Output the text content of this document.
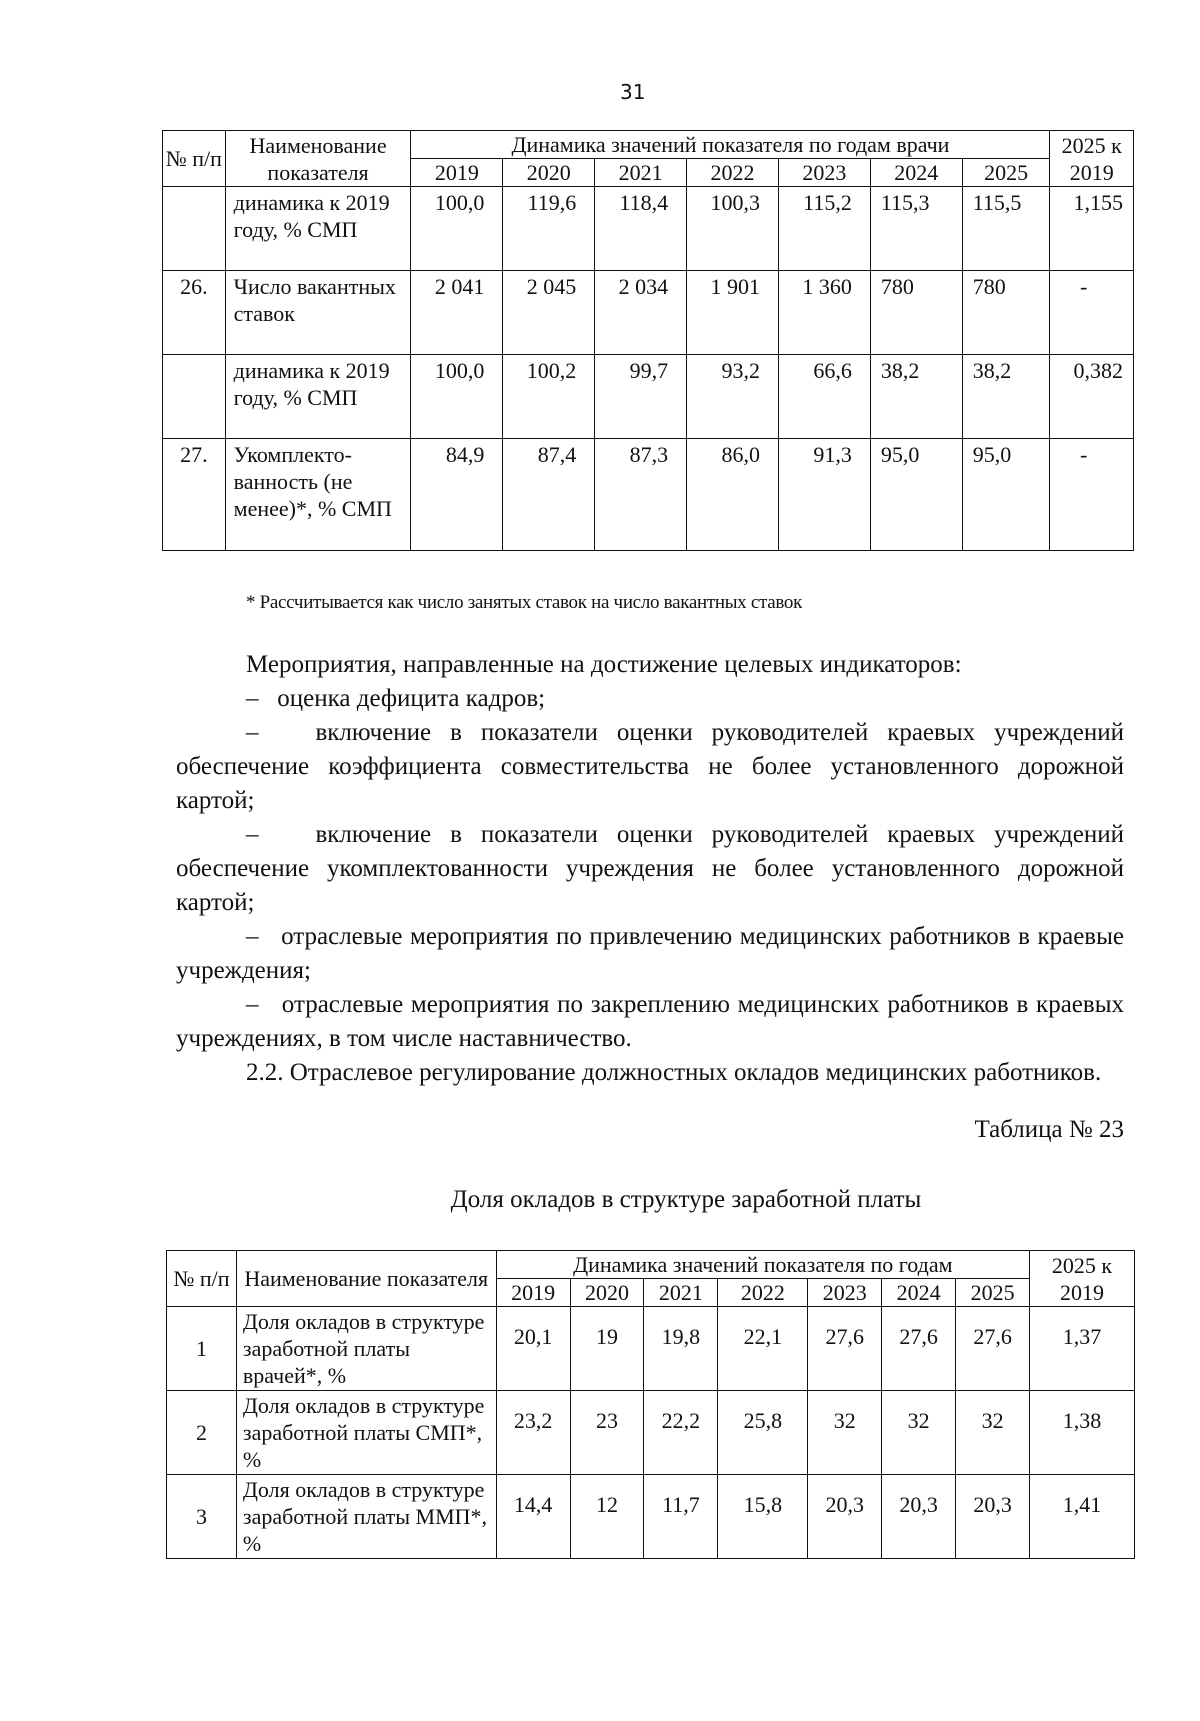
31
№ п/п	Наименование показателя	Динамика значений показателя по годам врачи							2025 к 2019
		2019	2020	2021	2022	2023	2024	2025	
	динамика к 2019 году, % СМП	100,0	119,6	118,4	100,3	115,2	115,3	115,5	1,155
26.	Число вакантных ставок	2 041	2 045	2 034	1 901	1 360	780	780	-
	динамика к 2019 году, % СМП	100,0	100,2	99,7	93,2	66,6	38,2	38,2	0,382
27.	Укомплекто-ванность (не менее)*, % СМП	84,9	87,4	87,3	86,0	91,3	95,0	95,0	-
* Рассчитывается как число занятых ставок на число вакантных ставок
Мероприятия, направленные на достижение целевых индикаторов:
– оценка дефицита кадров;
– включение в показатели оценки руководителей краевых учреждений обеспечение коэффициента совместительства не более установленного дорожной картой;
– включение в показатели оценки руководителей краевых учреждений обеспечение укомплектованности учреждения не более установленного дорожной картой;
– отраслевые мероприятия по привлечению медицинских работников в краевые учреждения;
– отраслевые мероприятия по закреплению медицинских работников в краевых учреждениях, в том числе наставничество.
2.2. Отраслевое регулирование должностных окладов медицинских работников.
Таблица № 23
Доля окладов в структуре заработной платы
№ п/п	Наименование показателя	Динамика значений показателя по годам							2025 к 2019
		2019	2020	2021	2022	2023	2024	2025	
1	Доля окладов в структуре заработной платы врачей*, %	20,1	19	19,8	22,1	27,6	27,6	27,6	1,37
2	Доля окладов в структуре заработной платы СМП*, %	23,2	23	22,2	25,8	32	32	32	1,38
3	Доля окладов в структуре заработной платы ММП*, %	14,4	12	11,7	15,8	20,3	20,3	20,3	1,41
